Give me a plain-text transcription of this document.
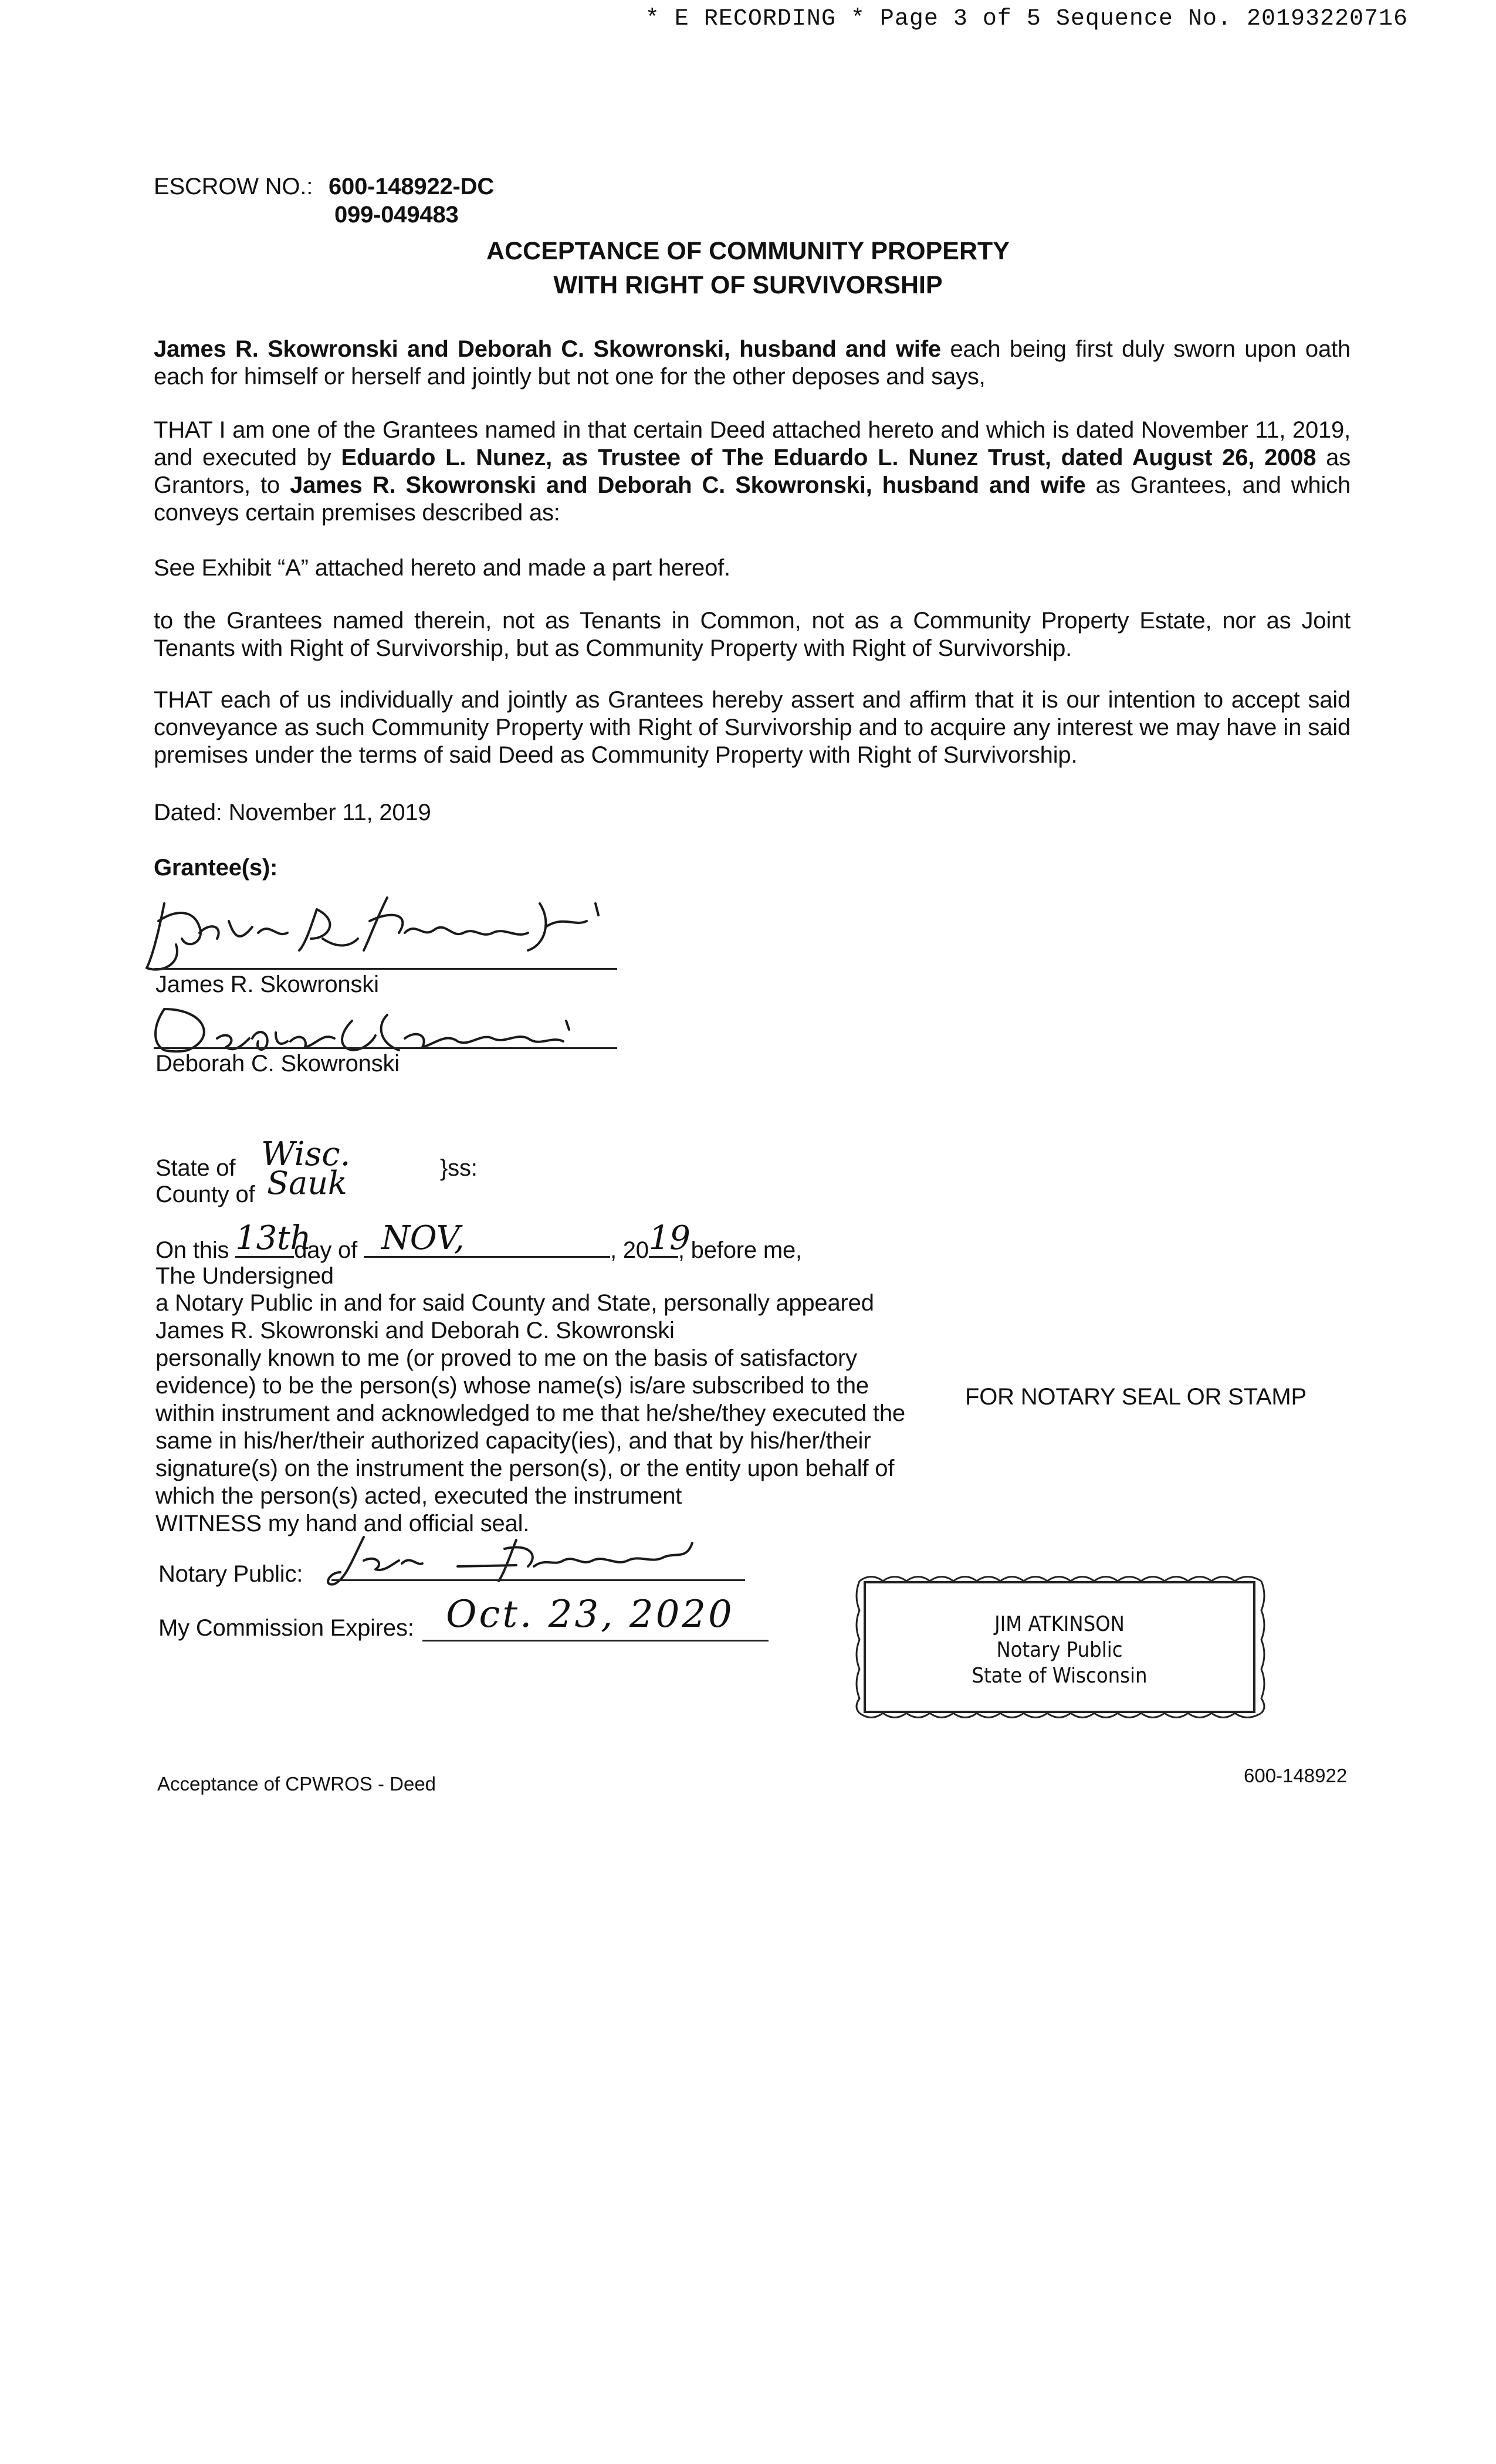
* E RECORDING * Page 3 of 5 Sequence No. 20193220716
ESCROW NO.: 600-148922-DC
099-049483
ACCEPTANCE OF COMMUNITY PROPERTY
WITH RIGHT OF SURVIVORSHIP
James R. Skowronski and Deborah C. Skowronski, husband and wife each being first duly sworn upon oath each for himself or herself and jointly but not one for the other deposes and says,
THAT I am one of the Grantees named in that certain Deed attached hereto and which is dated November 11, 2019, and executed by Eduardo L. Nunez, as Trustee of The Eduardo L. Nunez Trust, dated August 26, 2008 as Grantors, to James R. Skowronski and Deborah C. Skowronski, husband and wife as Grantees, and which conveys certain premises described as:
See Exhibit “A” attached hereto and made a part hereof.
to the Grantees named therein, not as Tenants in Common, not as a Community Property Estate, nor as Joint Tenants with Right of Survivorship, but as Community Property with Right of Survivorship.
THAT each of us individually and jointly as Grantees hereby assert and affirm that it is our intention to accept said conveyance as such Community Property with Right of Survivorship and to acquire any interest we may have in said premises under the terms of said Deed as Community Property with Right of Survivorship.
Dated: November 11, 2019
Grantee(s):
James R. Skowronski
Deborah C. Skowronski
State of Wisc.	}ss:
County of Sauk
On this 13th
day of NOV,	, 20 19
, before me,
The Undersigned
a Notary Public in and for said County and State, personally appeared
James R. Skowronski and Deborah C. Skowronski
personally known to me (or proved to me on the basis of satisfactory
evidence) to be the person(s) whose name(s) is/are subscribed to the
within instrument and acknowledged to me that he/she/they executed the
same in his/her/their authorized capacity(ies), and that by his/her/their
signature(s) on the instrument the person(s), or the entity upon behalf of
which the person(s) acted, executed the instrument
WITNESS my hand and official seal.
FOR NOTARY SEAL OR STAMP
Notary Public:
My Commission Expires: Oct. 23, 2020	JIM ATKINSON
Notary Public
State of Wisconsin
Acceptance of CPWROS - Deed	600-148922
